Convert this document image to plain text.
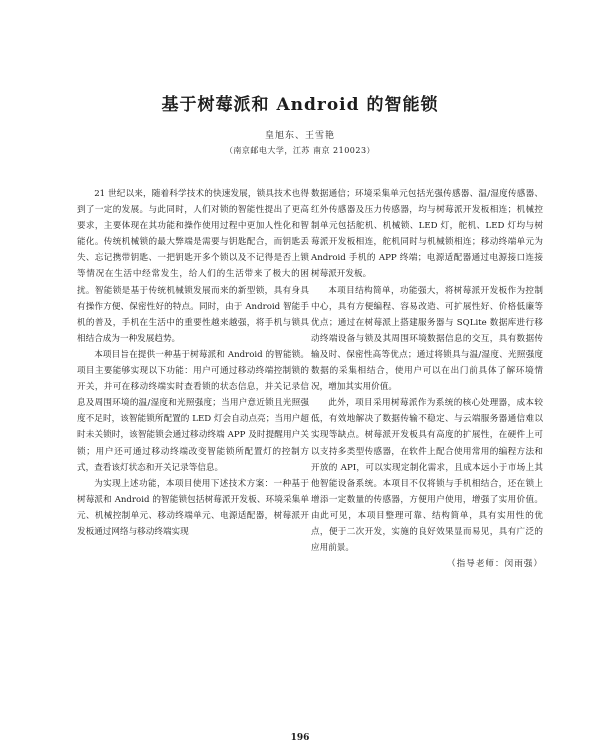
基于树莓派和 Android 的智能锁
皇旭东、王雪艳
（南京邮电大学，江苏 南京 210023）

21 世纪以来，随着科学技术的快速发展，锁具技术也得到了一定的发展。与此同时，人们对锁的智能性提出了更高要求，主要体现在其功能和操作使用过程中更加人性化和智能化。传统机械锁的最大弊端是需要与钥匙配合，而钥匙丢失、忘记携带钥匙、一把钥匙开多个锁以及不记得是否上锁等情况在生活中经常发生，给人们的生活带来了极大的困扰。智能锁是基于传统机械锁发展而来的新型锁，具有身具有操作方便、保密性好的特点。同时，由于 Android 智能手机的普及，手机在生活中的重要性越来越强，将手机与锁具相结合成为一种发展趋势。

本项目旨在提供一种基于树莓派和 Android 的智能锁。项目主要能够实现以下功能：用户可通过移动终端控制锁的开关，并可在移动终端实时查看锁的状态信息，并关记录信息及周围环境的温/湿度和光照强度；当用户意近锁且光照强度不足时，该智能锁所配置的 LED 灯会自动点亮；当用户超时未关锁时，该智能锁会通过移动终端 APP 及时提醒用户关锁；用户还可通过移动终端改变智能锁所配置灯的控制方式，查看该灯状态和开关记录等信息。

为实现上述功能，本项目使用下述技术方案：一种基于树莓派和 Android 的智能锁包括树莓派开发板、环境采集单元、机械控制单元、移动终端单元、电源适配器，树莓派开发板通过网络与移动终端实现

数据通信；环境采集单元包括光强传感器、温/湿度传感器、红外传感器及压力传感器，均与树莓派开发板相连；机械控制单元包括舵机、机械锁、LED 灯，舵机、LED 灯均与树莓派开发板相连，舵机同时与机械锁相连；移动终端单元为 Android 手机的 APP 终端；电源适配器通过电源接口连接树莓派开发板。

本项目结构简单，功能强大，将树莓派开发板作为控制中心，具有方便编程、容易改造、可扩展性好、价格低廉等优点；通过在树莓派上搭建服务器与 SQLite 数据库进行移动终端设备与锁及其周围环境数据信息的交互，具有数据传输及时、保密性高等优点；通过将锁具与温/湿度、光照强度数据的采集相结合，使用户可以在出门前具体了解环境情况，增加其实用价值。

此外，项目采用树莓派作为系统的核心处理器，成本较低，有效地解决了数据传输不稳定、与云端服务器通信难以实现等缺点。树莓派开发板具有高度的扩展性，在硬件上可以支持多类型传感器，在软件上配合使用常用的编程方法和开放的 API，可以实现定制化需求，且成本远小于市场上其他智能设备系统。本项目不仅将锁与手机相结合，还在锁上增添一定数量的传感器，方便用户使用，增强了实用价值。由此可见，本项目整理可靠、结构简单，具有实用性的优点，便于二次开发，实施的良好效果显而易见，具有广泛的应用前景。

（指导老师：闵雨强）
196
